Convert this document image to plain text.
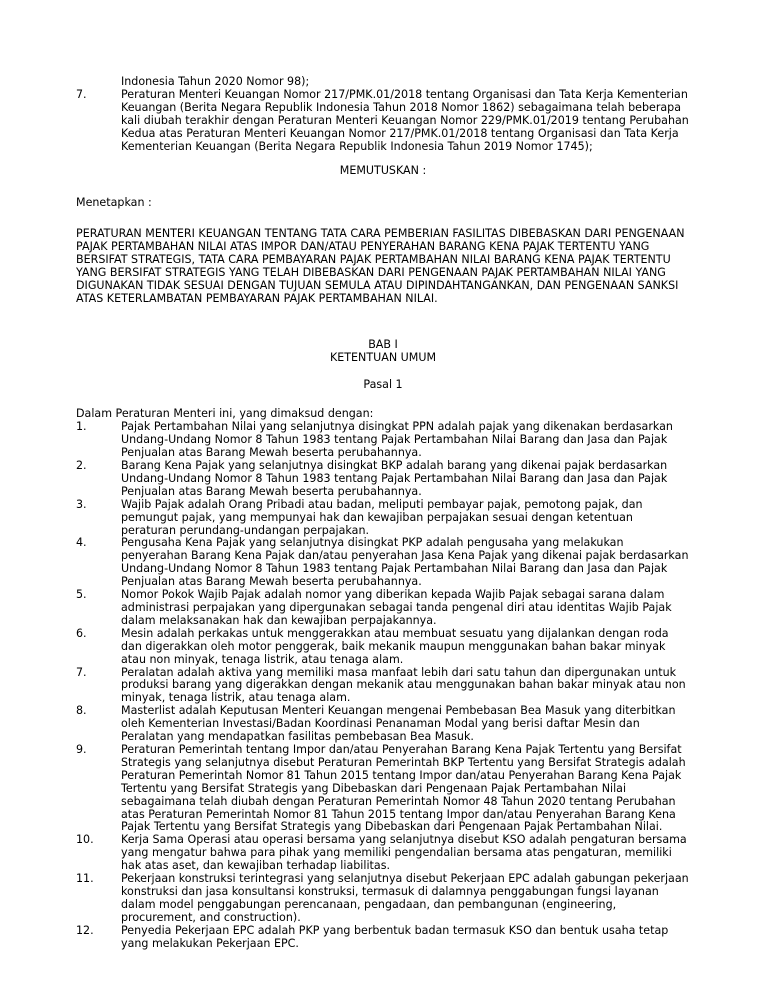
Indonesia Tahun 2020 Nomor 98);
7.	Peraturan Menteri Keuangan Nomor 217/PMK.01/2018 tentang Organisasi dan Tata Kerja Kementerian Keuangan (Berita Negara Republik Indonesia Tahun 2018 Nomor 1862) sebagaimana telah beberapa kali diubah terakhir dengan Peraturan Menteri Keuangan Nomor 229/PMK.01/2019 tentang Perubahan Kedua atas Peraturan Menteri Keuangan Nomor 217/PMK.01/2018 tentang Organisasi dan Tata Kerja Kementerian Keuangan (Berita Negara Republik Indonesia Tahun 2019 Nomor 1745);
MEMUTUSKAN :
Menetapkan :
PERATURAN MENTERI KEUANGAN TENTANG TATA CARA PEMBERIAN FASILITAS DIBEBASKAN DARI PENGENAAN PAJAK PERTAMBAHAN NILAI ATAS IMPOR DAN/ATAU PENYERAHAN BARANG KENA PAJAK TERTENTU YANG BERSIFAT STRATEGIS, TATA CARA PEMBAYARAN PAJAK PERTAMBAHAN NILAI BARANG KENA PAJAK TERTENTU YANG BERSIFAT STRATEGIS YANG TELAH DIBEBASKAN DARI PENGENAAN PAJAK PERTAMBAHAN NILAI YANG DIGUNAKAN TIDAK SESUAI DENGAN TUJUAN SEMULA ATAU DIPINDAHTANGANKAN, DAN PENGENAAN SANKSI ATAS KETERLAMBATAN PEMBAYARAN PAJAK PERTAMBAHAN NILAI.
BAB I
KETENTUAN UMUM
Pasal 1
Dalam Peraturan Menteri ini, yang dimaksud dengan:
1.	Pajak Pertambahan Nilai yang selanjutnya disingkat PPN adalah pajak yang dikenakan berdasarkan Undang-Undang Nomor 8 Tahun 1983 tentang Pajak Pertambahan Nilai Barang dan Jasa dan Pajak Penjualan atas Barang Mewah beserta perubahannya.
2.	Barang Kena Pajak yang selanjutnya disingkat BKP adalah barang yang dikenai pajak berdasarkan Undang-Undang Nomor 8 Tahun 1983 tentang Pajak Pertambahan Nilai Barang dan Jasa dan Pajak Penjualan atas Barang Mewah beserta perubahannya.
3.	Wajib Pajak adalah Orang Pribadi atau badan, meliputi pembayar pajak, pemotong pajak, dan pemungut pajak, yang mempunyai hak dan kewajiban perpajakan sesuai dengan ketentuan peraturan perundang-undangan perpajakan.
4.	Pengusaha Kena Pajak yang selanjutnya disingkat PKP adalah pengusaha yang melakukan penyerahan Barang Kena Pajak dan/atau penyerahan Jasa Kena Pajak yang dikenai pajak berdasarkan Undang-Undang Nomor 8 Tahun 1983 tentang Pajak Pertambahan Nilai Barang dan Jasa dan Pajak Penjualan atas Barang Mewah beserta perubahannya.
5.	Nomor Pokok Wajib Pajak adalah nomor yang diberikan kepada Wajib Pajak sebagai sarana dalam administrasi perpajakan yang dipergunakan sebagai tanda pengenal diri atau identitas Wajib Pajak dalam melaksanakan hak dan kewajiban perpajakannya.
6.	Mesin adalah perkakas untuk menggerakkan atau membuat sesuatu yang dijalankan dengan roda dan digerakkan oleh motor penggerak, baik mekanik maupun menggunakan bahan bakar minyak atau non minyak, tenaga listrik, atau tenaga alam.
7.	Peralatan adalah aktiva yang memiliki masa manfaat lebih dari satu tahun dan dipergunakan untuk produksi barang yang digerakkan dengan mekanik atau menggunakan bahan bakar minyak atau non minyak, tenaga listrik, atau tenaga alam.
8.	Masterlist adalah Keputusan Menteri Keuangan mengenai Pembebasan Bea Masuk yang diterbitkan oleh Kementerian Investasi/Badan Koordinasi Penanaman Modal yang berisi daftar Mesin dan Peralatan yang mendapatkan fasilitas pembebasan Bea Masuk.
9.	Peraturan Pemerintah tentang Impor dan/atau Penyerahan Barang Kena Pajak Tertentu yang Bersifat Strategis yang selanjutnya disebut Peraturan Pemerintah BKP Tertentu yang Bersifat Strategis adalah Peraturan Pemerintah Nomor 81 Tahun 2015 tentang Impor dan/atau Penyerahan Barang Kena Pajak Tertentu yang Bersifat Strategis yang Dibebaskan dari Pengenaan Pajak Pertambahan Nilai sebagaimana telah diubah dengan Peraturan Pemerintah Nomor 48 Tahun 2020 tentang Perubahan atas Peraturan Pemerintah Nomor 81 Tahun 2015 tentang Impor dan/atau Penyerahan Barang Kena Pajak Tertentu yang Bersifat Strategis yang Dibebaskan dari Pengenaan Pajak Pertambahan Nilai.
10.	Kerja Sama Operasi atau operasi bersama yang selanjutnya disebut KSO adalah pengaturan bersama yang mengatur bahwa para pihak yang memiliki pengendalian bersama atas pengaturan, memiliki hak atas aset, dan kewajiban terhadap liabilitas.
11.	Pekerjaan konstruksi terintegrasi yang selanjutnya disebut Pekerjaan EPC adalah gabungan pekerjaan konstruksi dan jasa konsultansi konstruksi, termasuk di dalamnya penggabungan fungsi layanan dalam model penggabungan perencanaan, pengadaan, dan pembangunan (engineering, procurement, and construction).
12.	Penyedia Pekerjaan EPC adalah PKP yang berbentuk badan termasuk KSO dan bentuk usaha tetap yang melakukan Pekerjaan EPC.
